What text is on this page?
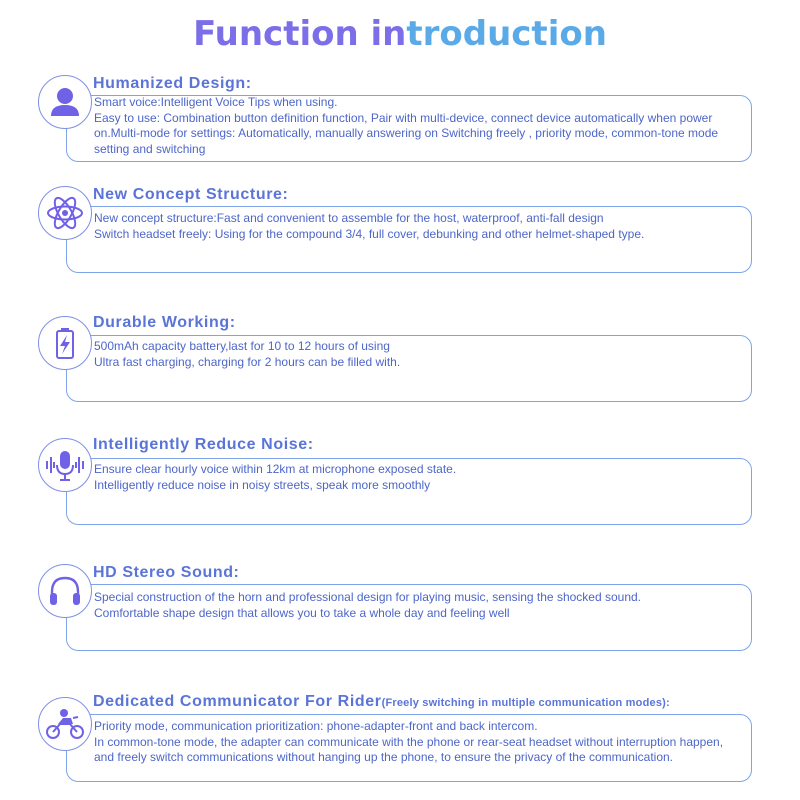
Function introduction
Humanized Design:
Smart voice:Intelligent Voice Tips when using.
Easy to use: Combination button definition function, Pair with multi-device, connect device automatically when power on.Multi-mode for settings: Automatically, manually answering on Switching freely , priority mode, common-tone mode setting and switching
New Concept Structure:
New concept structure:Fast and convenient to assemble for the host, waterproof, anti-fall design
Switch headset freely: Using for the compound 3/4, full cover, debunking and other helmet-shaped type.
Durable Working:
500mAh capacity battery,last for 10 to 12 hours of using
Ultra fast charging, charging for 2 hours can be filled with.
Intelligently Reduce Noise:
Ensure clear hourly voice within 12km at microphone exposed state.
Intelligently reduce noise in noisy streets, speak more smoothly
HD Stereo Sound:
Special construction of the horn and professional design for playing music, sensing the shocked sound.
Comfortable shape design that allows you to take a whole day and feeling well
Dedicated Communicator For Rider(Freely switching in multiple communication modes):
Priority mode, communication prioritization: phone-adapter-front and back intercom.
In common-tone mode, the adapter can communicate with the phone or rear-seat headset without interruption happen, and freely switch communications without hanging up the phone, to ensure the privacy of the communication.
